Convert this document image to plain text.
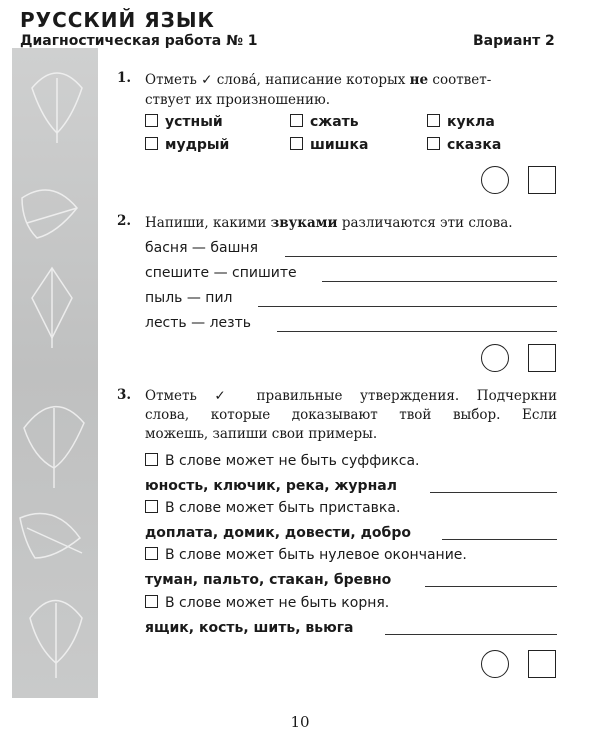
РУССКИЙ ЯЗЫК
Диагностическая работа № 1	Вариант 2
1. Отметь ✓ слова́, написание которых не соответ-
ствует их произношению.
устный	сжать	кукла
мудрый	шишка	сказка
2. Напиши, какими звуками различаются эти слова.
басня — башня
спешите — спишите
пыль — пил
лесть — лезть
3. Отметь ✓ правильные утверждения. Подчеркни
слова, которые доказывают твой выбор. Если
можешь, запиши свои примеры.
В слове может не быть суффикса.
юность, ключик, река, журнал
В слове может быть приставка.
доплата, домик, довести, добро
В слове может быть нулевое окончание.
туман, пальто, стакан, бревно
В слове может не быть корня.
ящик, кость, шить, вьюга
10
